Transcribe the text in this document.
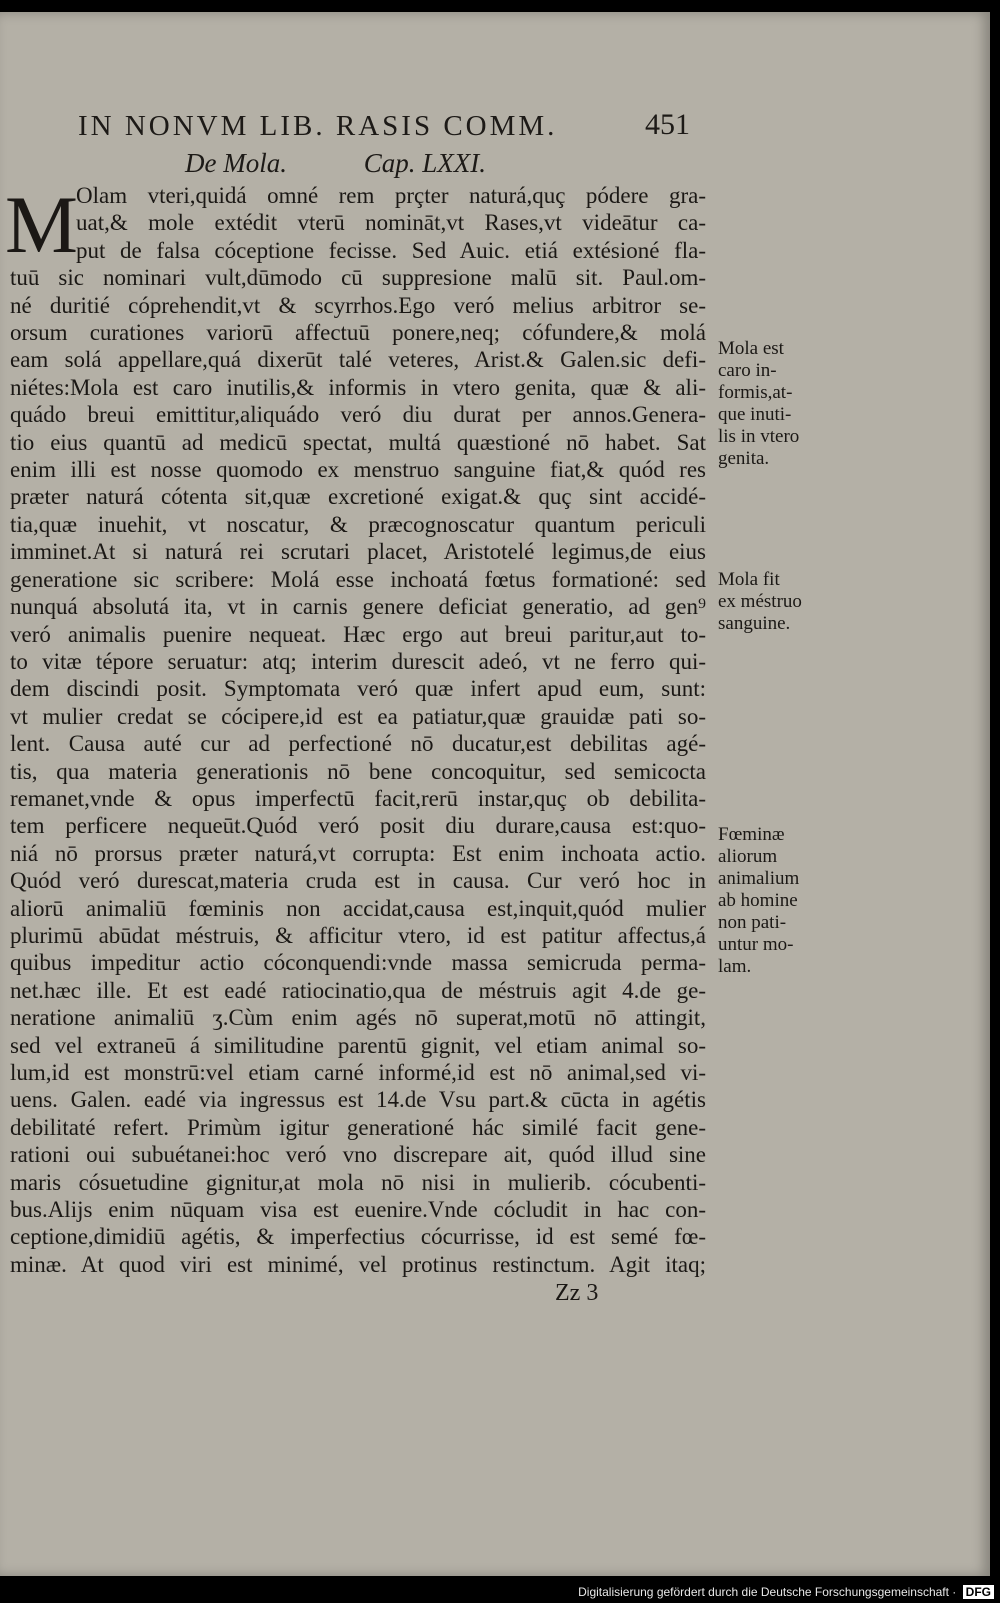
IN NONVM LIB. RASIS COMM.	451
De Mola.	Cap. LXXI.
M
Olam vteri,quidá omné rem prçter naturá,quç pódere gra-
uat,& mole extédit vterū nomināt,vt Rases,vt videātur ca-
put de falsa cóceptione fecisse. Sed Auic. etiá extésioné fla-
tuū sic nominari vult,dūmodo cū suppresione malū sit. Paul.om-
né duritié cóprehendit,vt & scyrrhos.Ego veró melius arbitror se-
orsum curationes variorū affectuū ponere,neq; cófundere,& molá
eam solá appellare,quá dixerūt talé veteres, Arist.& Galen.sic defi-
niétes:Mola est caro inutilis,& informis in vtero genita, quæ & ali-
quádo breui emittitur,aliquádo veró diu durat per annos.Genera-
tio eius quantū ad medicū spectat, multá quæstioné nō habet. Sat
enim illi est nosse quomodo ex menstruo sanguine fiat,& quód res
præter naturá cótenta sit,quæ excretioné exigat.& quç sint accidé-
tia,quæ inuehit, vt noscatur, & præcognoscatur quantum periculi
imminet.At si naturá rei scrutari placet, Aristotelé legimus,de eius
generatione sic scribere: Molá esse inchoatá fœtus formationé: sed
nunquá absolutá ita, vt in carnis genere deficiat generatio, ad gen⁹
veró animalis puenire nequeat. Hæc ergo aut breui paritur,aut to-
to vitæ tépore seruatur: atq; interim durescit adeó, vt ne ferro qui-
dem discindi posit. Symptomata veró quæ infert apud eum, sunt:
vt mulier credat se cócipere,id est ea patiatur,quæ grauidæ pati so-
lent. Causa auté cur ad perfectioné nō ducatur,est debilitas agé-
tis, qua materia generationis nō bene concoquitur, sed semicocta
remanet,vnde & opus imperfectū facit,rerū instar,quç ob debilita-
tem perficere nequeūt.Quód veró posit diu durare,causa est:quo-
niá nō prorsus præter naturá,vt corrupta: Est enim inchoata actio.
Quód veró durescat,materia cruda est in causa. Cur veró hoc in
aliorū animaliū fœminis non accidat,causa est,inquit,quód mulier
plurimū abūdat méstruis, & afficitur vtero, id est patitur affectus,á
quibus impeditur actio cóconquendi:vnde massa semicruda perma-
net.hæc ille. Et est eadé ratiocinatio,qua de méstruis agit 4.de ge-
neratione animaliū ʒ.Cùm enim agés nō superat,motū nō attingit,
sed vel extraneū á similitudine parentū gignit, vel etiam animal so-
lum,id est monstrū:vel etiam carné informé,id est nō animal,sed vi-
uens. Galen. eadé via ingressus est 14.de Vsu part.& cūcta in agétis
debilitaté refert. Primùm igitur generationé hác similé facit gene-
rationi oui subuétanei:hoc veró vno discrepare ait, quód illud sine
maris cósuetudine gignitur,at mola nō nisi in mulierib. cócubenti-
bus.Alijs enim nūquam visa est euenire.Vnde cócludit in hac con-
ceptione,dimidiū agétis, & imperfectius cócurrisse, id est semé fœ-
minæ. At quod viri est minimé, vel protinus restinctum. Agit itaq;
Mola est
caro in-
formis,at-
que inuti-
lis in vtero
genita.
Mola fit
ex méstruo
sanguine.
Fœminæ
aliorum
animalium
ab homine
non pati-
untur mo-
lam.
Zz 3
Digitalisierung gefördert durch die Deutsche Forschungsgemeinschaft · DFG
